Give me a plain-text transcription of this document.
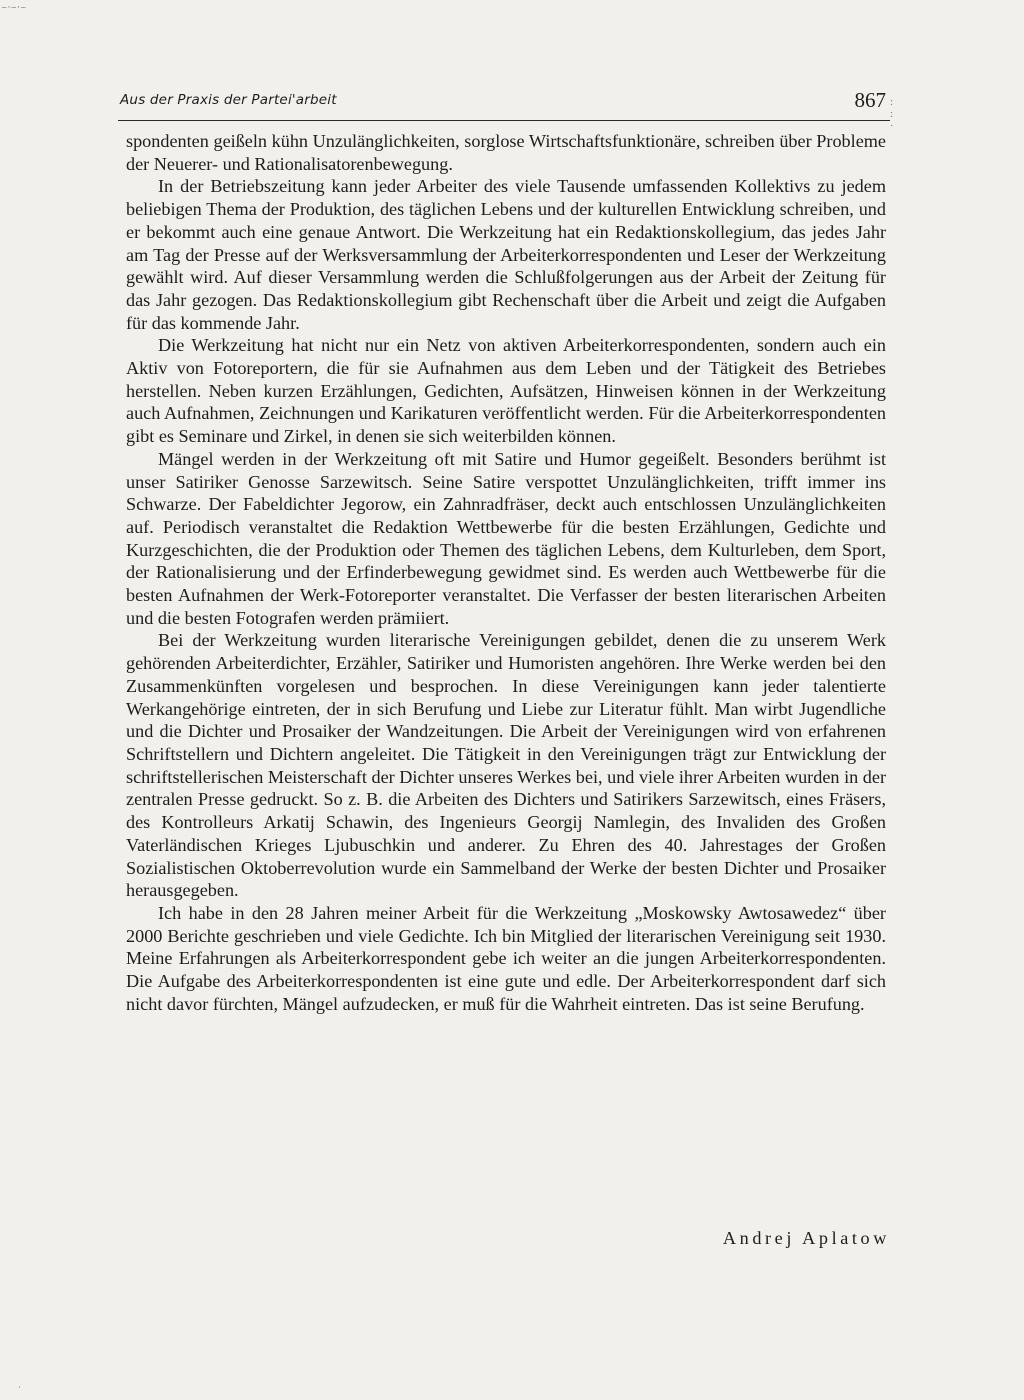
–·–·–
:
:
·
Aus der Praxis der Partei'arbeit	867

spondenten geißeln kühn Unzulänglichkeiten, sorglose Wirtschaftsfunktionäre, schreiben über Probleme der Neuerer- und Rationalisatorenbewegung.

In der Betriebszeitung kann jeder Arbeiter des viele Tausende umfassenden Kollektivs zu jedem beliebigen Thema der Produktion, des täglichen Lebens und der kulturellen Entwicklung schreiben, und er bekommt auch eine genaue Antwort. Die Werkzeitung hat ein Redaktionskollegium, das jedes Jahr am Tag der Presse auf der Werksversammlung der Arbeiterkorrespondenten und Leser der Werkzeitung gewählt wird. Auf dieser Versammlung werden die Schlußfolgerungen aus der Arbeit der Zeitung für das Jahr gezogen. Das Redaktionskollegium gibt Rechenschaft über die Arbeit und zeigt die Aufgaben für das kommende Jahr.

Die Werkzeitung hat nicht nur ein Netz von aktiven Arbeiterkorrespondenten, sondern auch ein Aktiv von Fotoreportern, die für sie Aufnahmen aus dem Leben und der Tätigkeit des Betriebes herstellen. Neben kurzen Erzählungen, Gedichten, Aufsätzen, Hinweisen können in der Werkzeitung auch Aufnahmen, Zeichnungen und Karikaturen veröffentlicht werden. Für die Arbeiterkorrespondenten gibt es Seminare und Zirkel, in denen sie sich weiterbilden können.

Mängel werden in der Werkzeitung oft mit Satire und Humor gegeißelt. Besonders berühmt ist unser Satiriker Genosse Sarzewitsch. Seine Satire verspottet Unzulänglichkeiten, trifft immer ins Schwarze. Der Fabeldichter Jegorow, ein Zahnradfräser, deckt auch entschlossen Unzulänglichkeiten auf. Periodisch veranstaltet die Redaktion Wettbewerbe für die besten Erzählungen, Gedichte und Kurzgeschichten, die der Produktion oder Themen des täglichen Lebens, dem Kulturleben, dem Sport, der Rationalisierung und der Erfinderbewegung gewidmet sind. Es werden auch Wettbewerbe für die besten Aufnahmen der Werk-Fotoreporter veranstaltet. Die Verfasser der besten literarischen Arbeiten und die besten Fotografen werden prämiiert.

Bei der Werkzeitung wurden literarische Vereinigungen gebildet, denen die zu unserem Werk gehörenden Arbeiterdichter, Erzähler, Satiriker und Humoristen angehören. Ihre Werke werden bei den Zusammenkünften vorgelesen und besprochen. In diese Vereinigungen kann jeder talentierte Werkangehörige eintreten, der in sich Berufung und Liebe zur Literatur fühlt. Man wirbt Jugendliche und die Dichter und Prosaiker der Wandzeitungen. Die Arbeit der Vereinigungen wird von erfahrenen Schriftstellern und Dichtern angeleitet. Die Tätigkeit in den Vereinigungen trägt zur Entwicklung der schriftstellerischen Meisterschaft der Dichter unseres Werkes bei, und viele ihrer Arbeiten wurden in der zentralen Presse gedruckt. So z. B. die Arbeiten des Dichters und Satirikers Sarzewitsch, eines Fräsers, des Kontrolleurs Arkatij Schawin, des Ingenieurs Georgij Namlegin, des Invaliden des Großen Vaterländischen Krieges Ljubuschkin und anderer. Zu Ehren des 40. Jahrestages der Großen Sozialistischen Oktoberrevolution wurde ein Sammelband der Werke der besten Dichter und Prosaiker herausgegeben.

Ich habe in den 28 Jahren meiner Arbeit für die Werkzeitung „Moskowsky Awtosawedez“ über 2000 Berichte geschrieben und viele Gedichte. Ich bin Mitglied der literarischen Vereinigung seit 1930. Meine Erfahrungen als Arbeiterkorrespondent gebe ich weiter an die jungen Arbeiterkorrespondenten. Die Aufgabe des Arbeiterkorrespondenten ist eine gute und edle. Der Arbeiterkorrespondent darf sich nicht davor fürchten, Mängel aufzudecken, er muß für die Wahrheit eintreten. Das ist seine Berufung.

Andrej Aplatow
·
